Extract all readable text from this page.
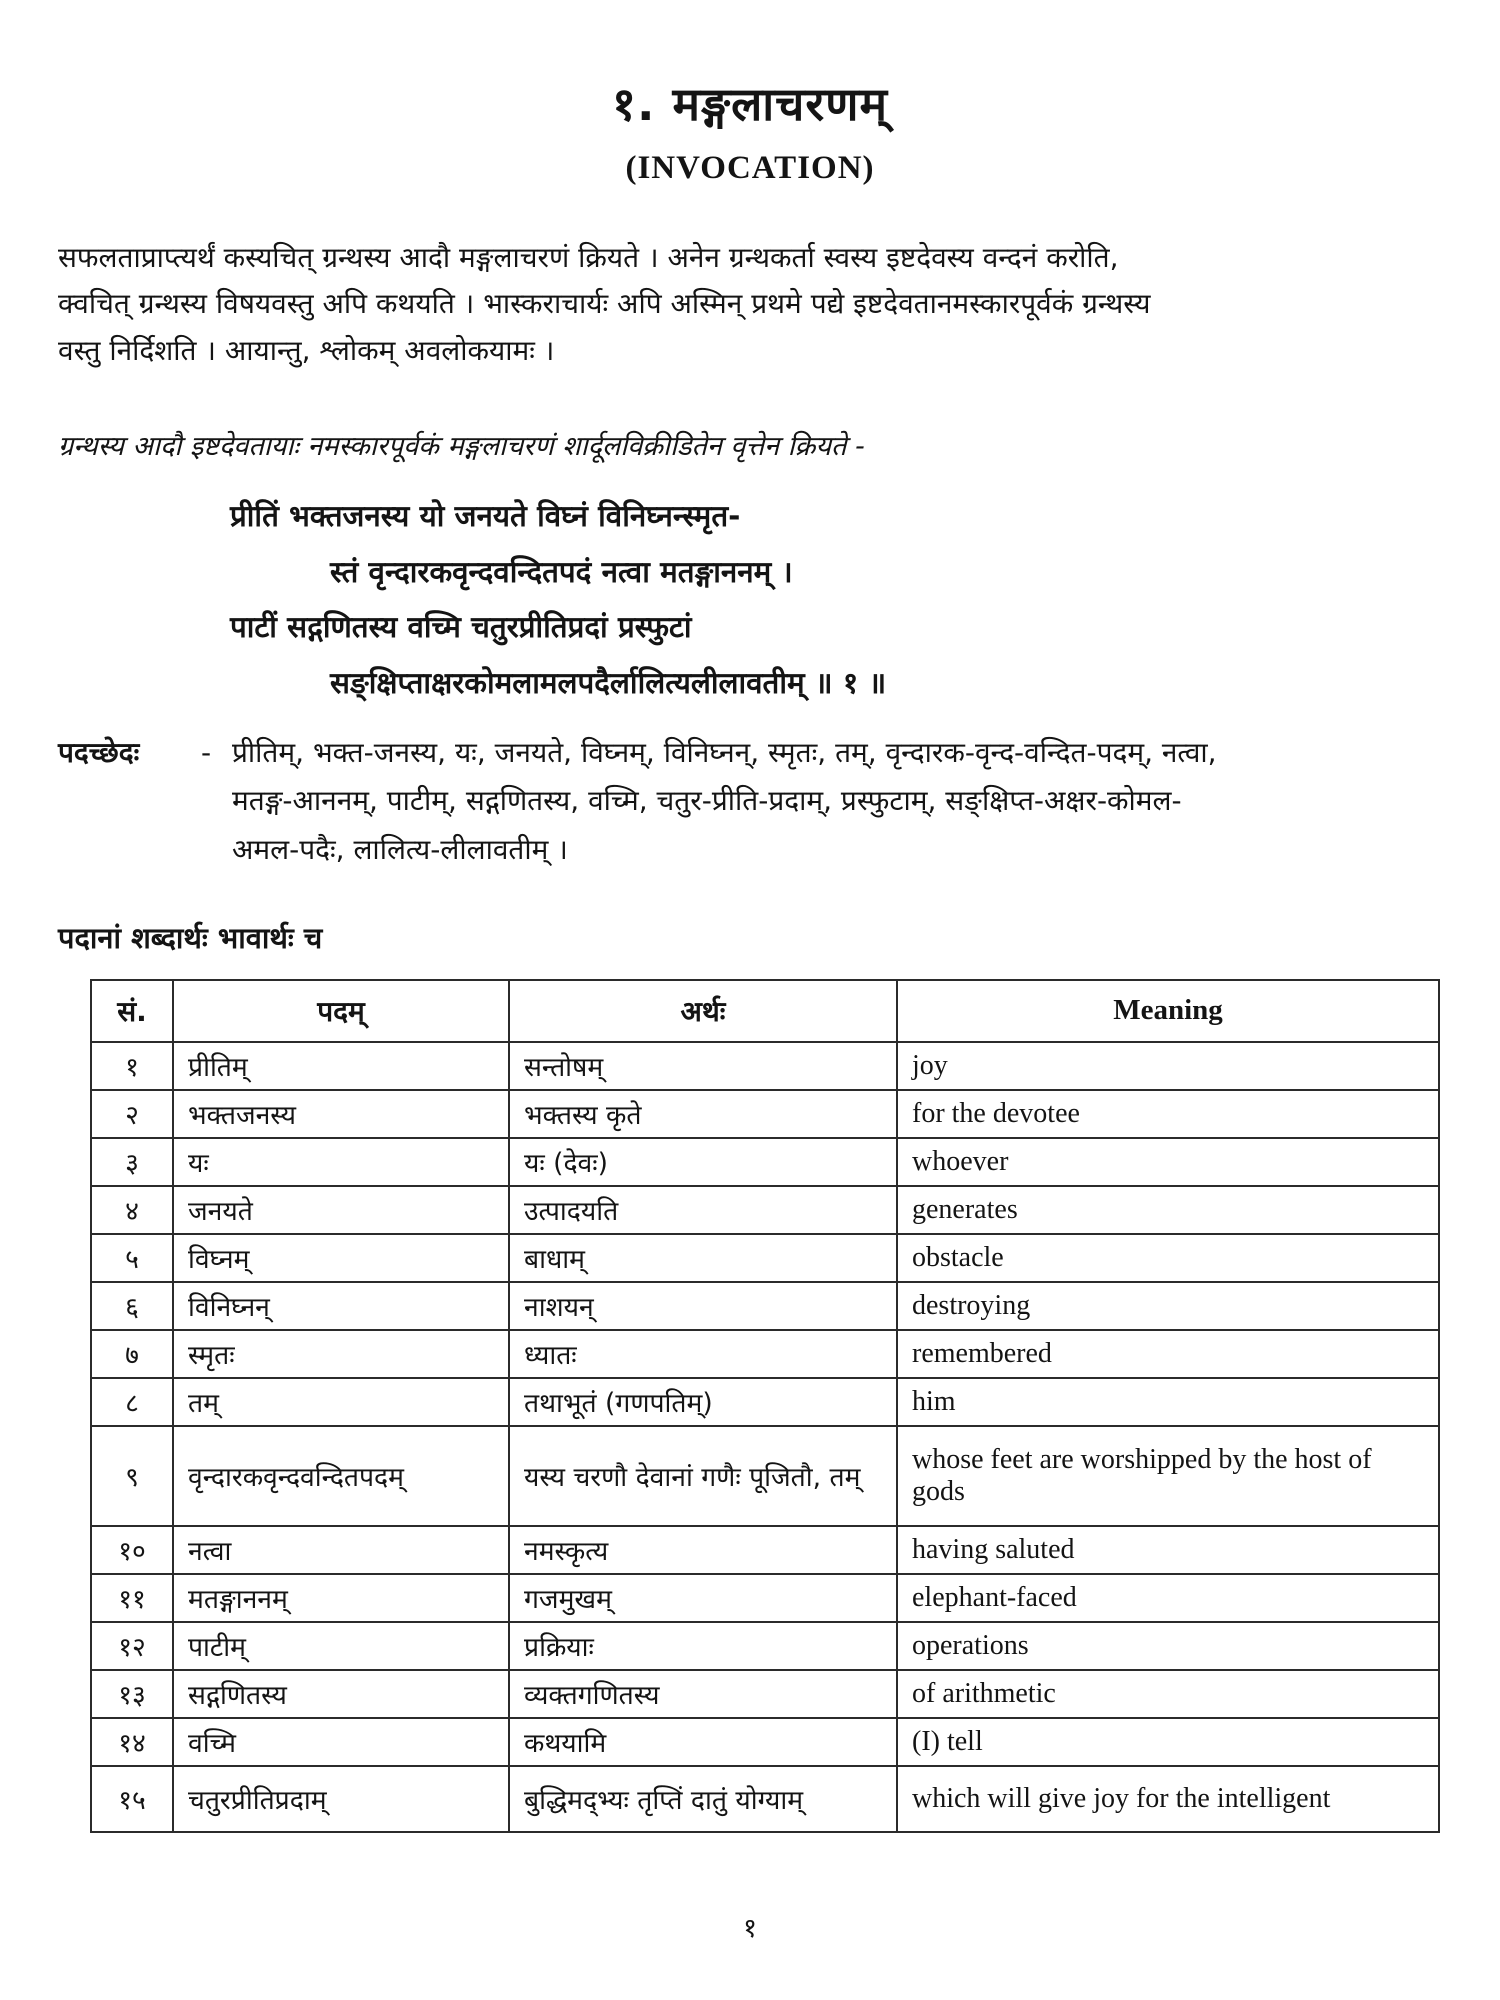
१. मङ्गलाचरणम्
(INVOCATION)
सफलताप्राप्त्यर्थं कस्यचित् ग्रन्थस्य आदौ मङ्गलाचरणं क्रियते । अनेन ग्रन्थकर्ता स्वस्य इष्टदेवस्य वन्दनं करोति,
क्वचित् ग्रन्थस्य विषयवस्तु अपि कथयति । भास्कराचार्यः अपि अस्मिन् प्रथमे पद्ये इष्टदेवतानमस्कारपूर्वकं ग्रन्थस्य
वस्तु निर्दिशति । आयान्तु, श्लोकम् अवलोकयामः ।
ग्रन्थस्य आदौ इष्टदेवतायाः नमस्कारपूर्वकं मङ्गलाचरणं शार्दूलविक्रीडितेन वृत्तेन क्रियते -
प्रीतिं भक्तजनस्य यो जनयते विघ्नं विनिघ्नन्स्मृत-
स्तं वृन्दारकवृन्दवन्दितपदं नत्वा मतङ्गाननम् ।
पाटीं सद्गणितस्य वच्मि चतुरप्रीतिप्रदां प्रस्फुटां
सङ्क्षिप्ताक्षरकोमलामलपदैर्लालित्यलीलावतीम् ॥ १ ॥
पदच्छेदः	- प्रीतिम्, भक्त-जनस्य, यः, जनयते, विघ्नम्, विनिघ्नन्, स्मृतः, तम्, वृन्दारक-वृन्द-वन्दित-पदम्, नत्वा,
मतङ्ग-आननम्, पाटीम्, सद्गणितस्य, वच्मि, चतुर-प्रीति-प्रदाम्, प्रस्फुटाम्, सङ्क्षिप्त-अक्षर-कोमल-
अमल-पदैः, लालित्य-लीलावतीम् ।
पदानां शब्दार्थः भावार्थः च
सं.	पदम्	अर्थः	Meaning
१	प्रीतिम्	सन्तोषम्	joy
२	भक्तजनस्य	भक्तस्य कृते	for the devotee
३	यः	यः (देवः)	whoever
४	जनयते	उत्पादयति	generates
५	विघ्नम्	बाधाम्	obstacle
६	विनिघ्नन्	नाशयन्	destroying
७	स्मृतः	ध्यातः	remembered
८	तम्	तथाभूतं (गणपतिम्)	him
९	वृन्दारकवृन्दवन्दितपदम्	यस्य चरणौ देवानां गणैः पूजितौ, तम्	whose feet are worshipped by the host of gods
१०	नत्वा	नमस्कृत्य	having saluted
११	मतङ्गाननम्	गजमुखम्	elephant-faced
१२	पाटीम्	प्रक्रियाः	operations
१३	सद्गणितस्य	व्यक्तगणितस्य	of arithmetic
१४	वच्मि	कथयामि	(I) tell
१५	चतुरप्रीतिप्रदाम्	बुद्धिमद्भ्यः तृप्तिं दातुं योग्याम्	which will give joy for the intelligent
१
